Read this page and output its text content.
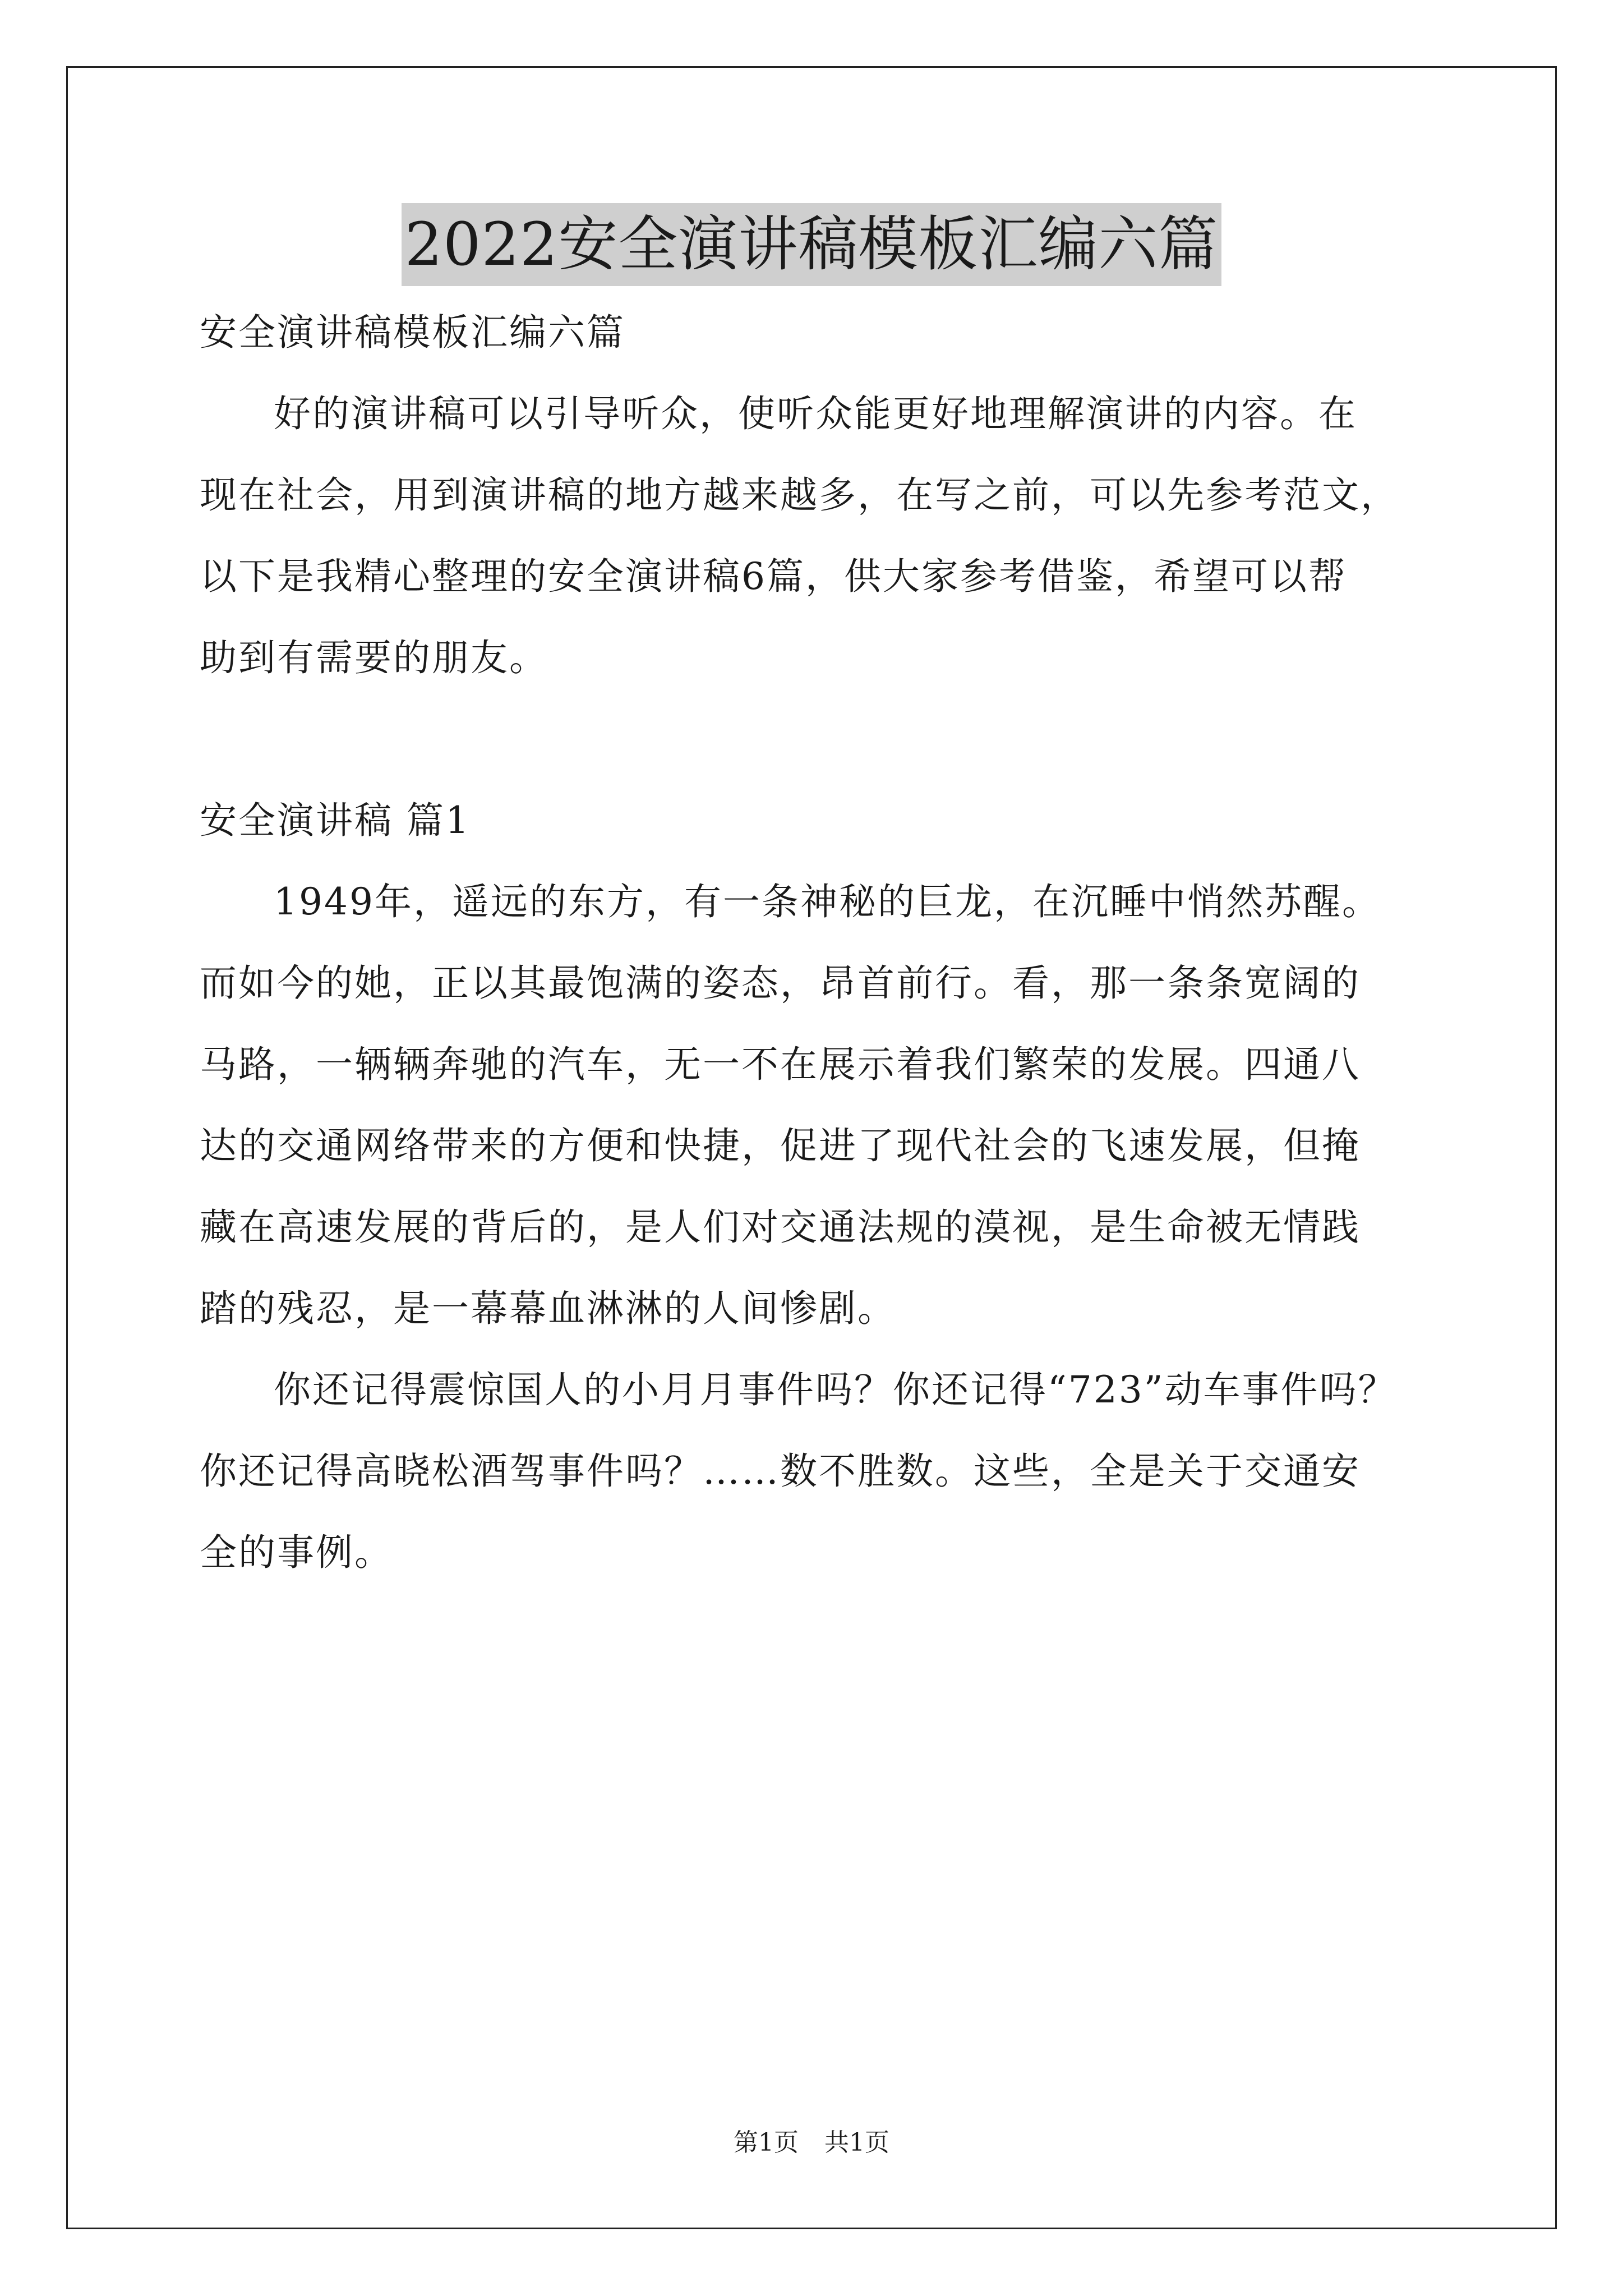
2022安全演讲稿模板汇编六篇
安全演讲稿模板汇编六篇
好的演讲稿可以引导听众，使听众能更好地理解演讲的内容。在
现在社会，用到演讲稿的地方越来越多，在写之前，可以先参考范文，
以下是我精心整理的安全演讲稿6篇，供大家参考借鉴，希望可以帮
助到有需要的朋友。
安全演讲稿 篇1
1949年，遥远的东方，有一条神秘的巨龙，在沉睡中悄然苏醒。
而如今的她，正以其最饱满的姿态，昂首前行。看，那一条条宽阔的
马路，一辆辆奔驰的汽车，无一不在展示着我们繁荣的发展。四通八
达的交通网络带来的方便和快捷，促进了现代社会的飞速发展，但掩
藏在高速发展的背后的，是人们对交通法规的漠视，是生命被无情践
踏的残忍，是一幕幕血淋淋的人间惨剧。
你还记得震惊国人的小月月事件吗？你还记得“723”动车事件吗？
你还记得高晓松酒驾事件吗？……数不胜数。这些，全是关于交通安
全的事例。
第1页 共1页
